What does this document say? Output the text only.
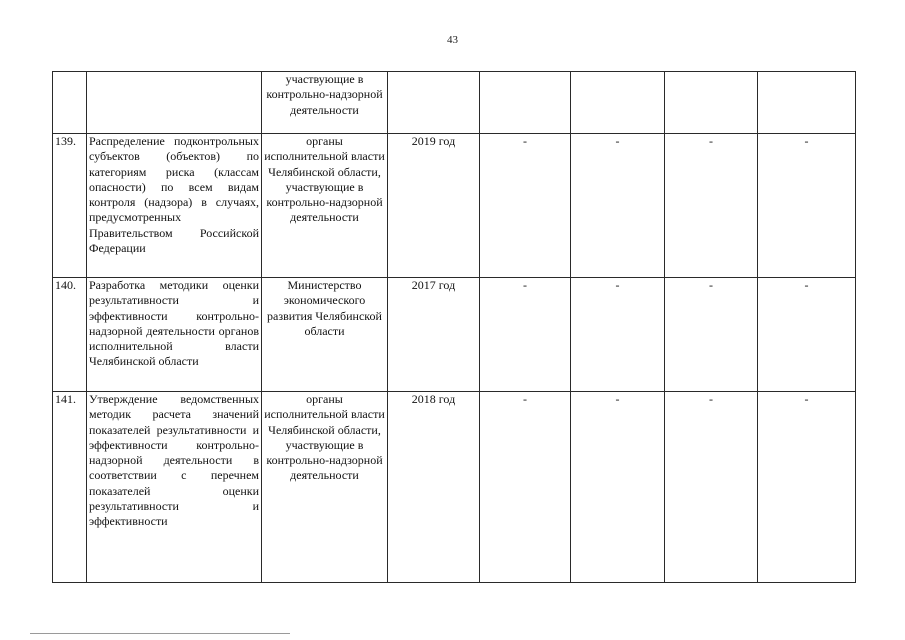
43
		участвующие в контрольно-надзорной деятельности					
139.	Распределение подконтрольных субъектов (объектов) по категориям риска (классам опасности) по всем видам контроля (надзора) в случаях, предусмотренных Правительством Российской Федерации	органы исполнительной власти Челябинской области, участвующие в контрольно-надзорной деятельности	2019 год	-	-	-	-
140.	Разработка методики оценки результативности и эффективности контрольно-надзорной деятельности органов исполнительной власти Челябинской области	Министерство экономического развития Челябинской области	2017 год	-	-	-	-
141.	Утверждение ведомственных методик расчета значений показателей результативности и эффективности контрольно-надзорной деятельности в соответствии с перечнем показателей оценки результативности и эффективности	органы исполнительной власти Челябинской области, участвующие в контрольно-надзорной деятельности	2018 год	-	-	-	-
